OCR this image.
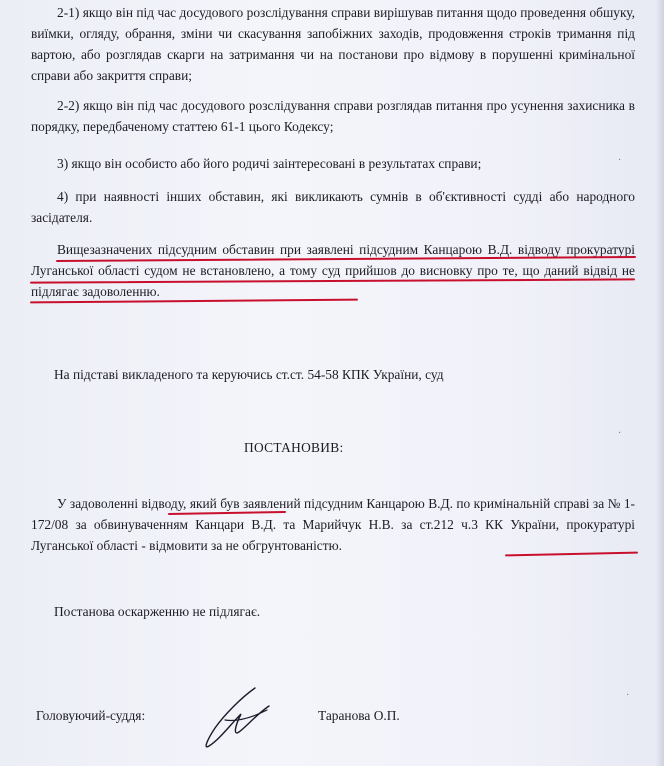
2-1) якщо він під час досудового розслідування справи вирішував питання щодо проведення обшуку, виїмки, огляду, обрання, зміни чи скасування запобіжних заходів, продовження строків тримання під вартою, або розглядав скарги на затримання чи на постанови про відмову в порушенні кримінальної справи або закриття справи;

2-2) якщо він під час досудового розслідування справи розглядав питання про усунення захисника в порядку, передбаченому статтею 61-1 цього Кодексу;

3) якщо він особисто або його родичі заінтересовані в результатах справи;

4) при наявності інших обставин, які викликають сумнів в об'єктивності судді або народного засідателя.

Вищезазначених підсудним обставин при заявлені підсудним Канцарою В.Д. відводу прокуратурі Луганської області судом не встановлено, а тому суд прийшов до висновку про те, що даний відвід не підлягає задоволенню.

На підставі викладеного та керуючись ст.ст. 54-58 КПК України, суд

ПОСТАНОВИВ:

У задоволенні відводу, який був заявлений підсудним Канцарою В.Д. по кримінальній справі за № 1-172/08 за обвинуваченням Канцари В.Д. та Марийчук Н.В. за ст.212 ч.3 КК України, прокуратурі Луганської області - відмовити за не обгрунтованістю.

Постанова оскарженню не підлягає.

Головуючий-суддя:	Таранова О.П.

·
·
·
